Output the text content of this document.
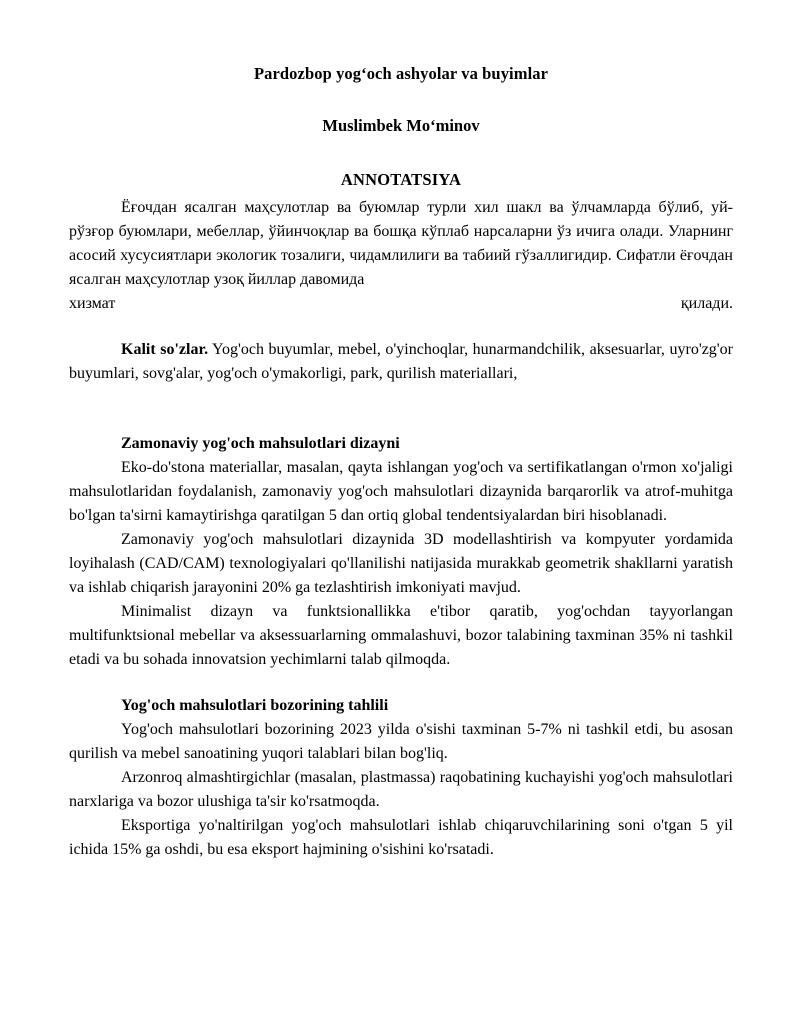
Pardozbop yog‘och ashyolar va buyimlar
Muslimbek Mo‘minov
ANNOTATSIYA

Ёғочдан ясалган маҳсулотлар ва буюмлар турли хил шакл ва ўлчамларда бўлиб, уй-рўзғор буюмлари, мебеллар, ўйинчоқлар ва бошқа кўплаб нарсаларни ўз ичига олади. Уларнинг асосий хусусиятлари экологик тозалиги, чидамлилиги ва табиий гўзаллигидир. Сифатли ёғочдан ясалган маҳсулотлар узоқ йиллар давомида

хизмат	қилади.

Kalit so'zlar. Yog'och buyumlar, mebel, o'yinchoqlar, hunarmandchilik, aksesuarlar, uyro'zg'or buyumlari, sovg'alar, yog'och o'ymakorligi, park, qurilish materiallari,

Zamonaviy yog'och mahsulotlari dizayni

Eko-do'stona materiallar, masalan, qayta ishlangan yog'och va sertifikatlangan o'rmon xo'jaligi mahsulotlaridan foydalanish, zamonaviy yog'och mahsulotlari dizaynida barqarorlik va atrof-muhitga bo'lgan ta'sirni kamaytirishga qaratilgan 5 dan ortiq global tendentsiyalardan biri hisoblanadi.

Zamonaviy yog'och mahsulotlari dizaynida 3D modellashtirish va kompyuter yordamida loyihalash (CAD/CAM) texnologiyalari qo'llanilishi natijasida murakkab geometrik shakllarni yaratish va ishlab chiqarish jarayonini 20% ga tezlashtirish imkoniyati mavjud.

Minimalist dizayn va funktsionallikka e'tibor qaratib, yog'ochdan tayyorlangan multifunktsional mebellar va aksessuarlarning ommalashuvi, bozor talabining taxminan 35% ni tashkil etadi va bu sohada innovatsion yechimlarni talab qilmoqda.

Yog'och mahsulotlari bozorining tahlili

Yog'och mahsulotlari bozorining 2023 yilda o'sishi taxminan 5-7% ni tashkil etdi, bu asosan qurilish va mebel sanoatining yuqori talablari bilan bog'liq.

Arzonroq almashtirgichlar (masalan, plastmassa) raqobatining kuchayishi yog'och mahsulotlari narxlariga va bozor ulushiga ta'sir ko'rsatmoqda.

Eksportiga yo'naltirilgan yog'och mahsulotlari ishlab chiqaruvchilarining soni o'tgan 5 yil ichida 15% ga oshdi, bu esa eksport hajmining o'sishini ko'rsatadi.
